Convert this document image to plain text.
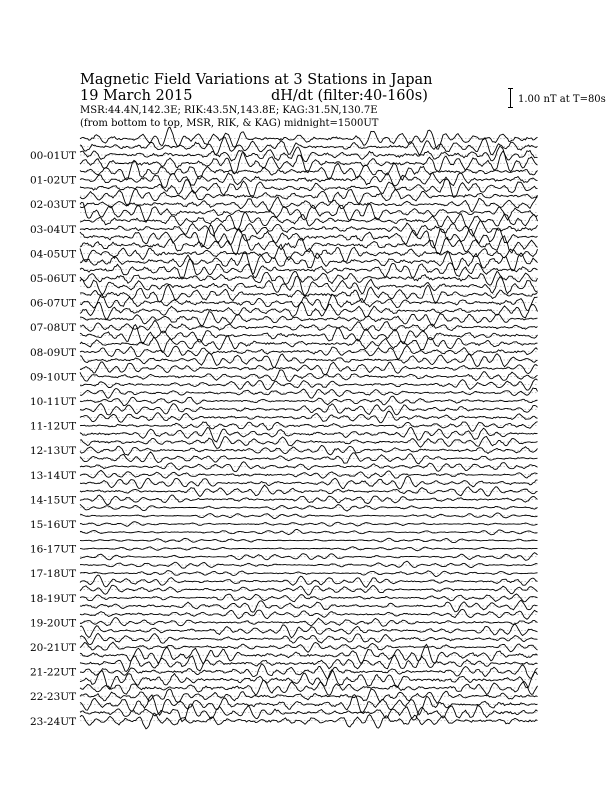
00-01UT
01-02UT
02-03UT
03-04UT
04-05UT
05-06UT
06-07UT
07-08UT
08-09UT
09-10UT
10-11UT
11-12UT
12-13UT
13-14UT
14-15UT
15-16UT
16-17UT
17-18UT
18-19UT
19-20UT
20-21UT
21-22UT
22-23UT
23-24UT
Magnetic Field Variations at 3 Stations in Japan
19 March 2015	dH/dt (filter:40-160s)
MSR:44.4N,142.3E; RIK:43.5N,143.8E; KAG:31.5N,130.7E
(from bottom to top, MSR, RIK, & KAG) midnight=1500UT
1.00 nT at T=80s
